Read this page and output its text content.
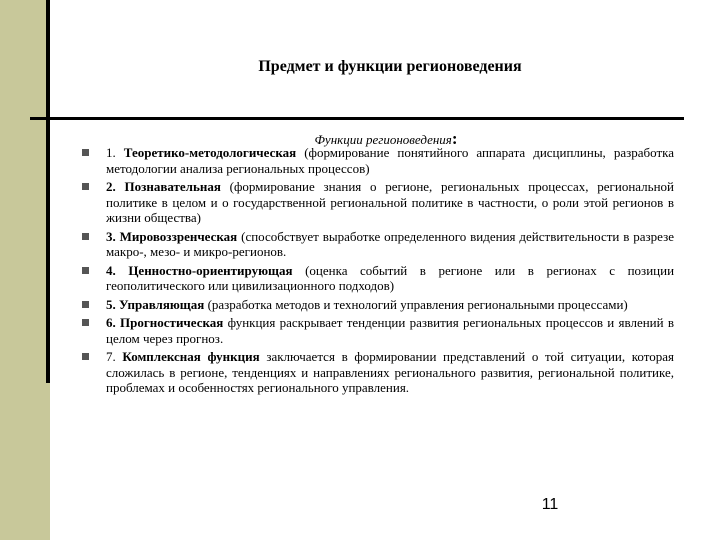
Предмет и функции регионоведения
Функции регионоведения:
1. Теоретико-методологическая (формирование понятийного аппарата дисциплины, разработка методологии анализа региональных процессов)
2. Познавательная (формирование знания о регионе, региональных процессах, региональной политике в целом и о государственной региональной политике в частности, о роли этой регионов в жизни общества)
3. Мировоззренческая (способствует выработке определенного видения действительности в разрезе макро-, мезо- и микро-регионов.
4. Ценностно-ориентирующая (оценка событий в регионе или в регионах с позиции геополитического или цивилизационного подходов)
5. Управляющая (разработка методов и технологий управления региональными процессами)
6. Прогностическая функция раскрывает тенденции развития региональных процессов и явлений в целом через прогноз.
7. Комплексная функция заключается в формировании представлений о той ситуации, которая сложилась в регионе, тенденциях и направлениях регионального развития, региональной политике, проблемах и особенностях регионального управления.
11
